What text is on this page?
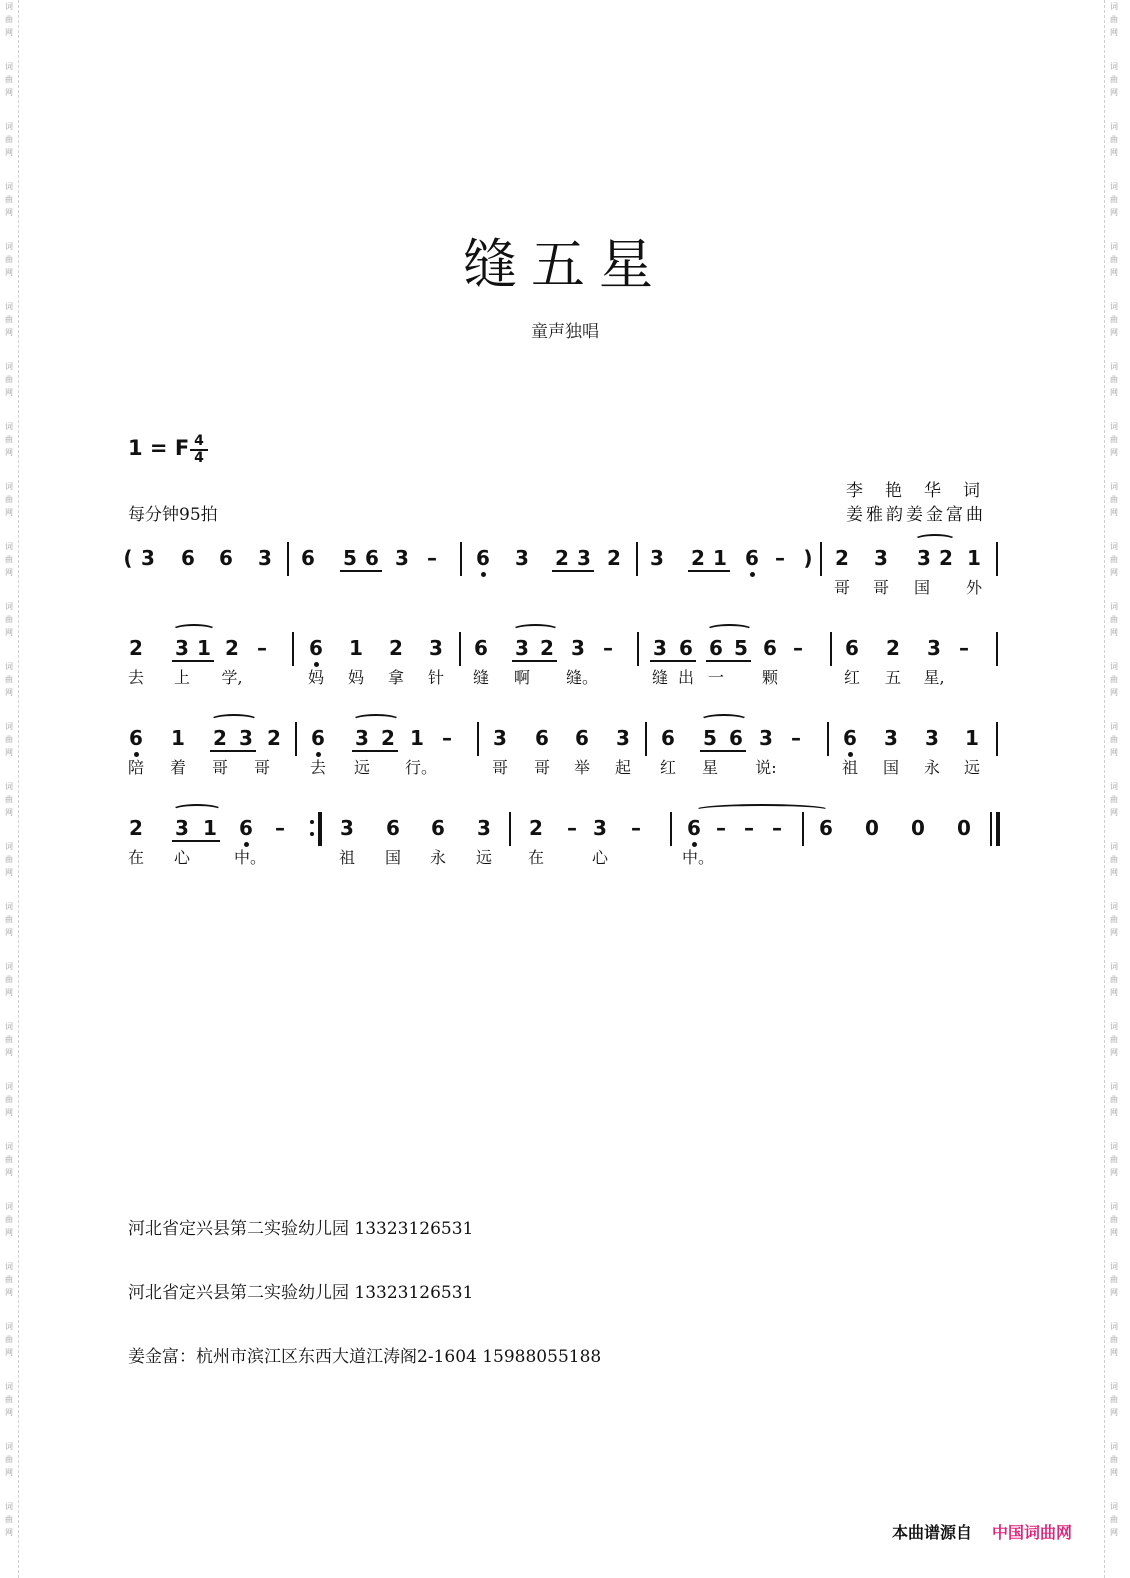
词
曲
网
词
曲
网
词
曲
网
词
曲
网
词
曲
网
词
曲
网
词
曲
网
词
曲
网
词
曲
网
词
曲
网
词
曲
网
词
曲
网
词
曲
网
词
曲
网
词
曲
网
词
曲
网
词
曲
网
词
曲
网
词
曲
网
词
曲
网
词
曲
网
词
曲
网
词
曲
网
词
曲
网
词
曲
网
词
曲
网
词
曲
网
词
曲
网
词
曲
网
词
曲
网
词
曲
网
词
曲
网
词
曲
网
词
曲
网
词
曲
网
词
曲
网
词
曲
网
词
曲
网
词
曲
网
词
曲
网
词
曲
网
词
曲
网
词
曲
网
词
曲
网
词
曲
网
词
曲
网
词
曲
网
词
曲
网
词
曲
网
词
曲
网
词
曲
网
词
曲
网
缝五星
童声独唱
1 = F 4
4
每分钟95拍
李艳华词
姜雅韵姜金富曲
( 3	6	6	3	6	5 6 3 –	6	3	2 3 2	3	2 1 6 – )	2	3	3 2 1
哥 哥 国 外
2	3 1 2 –	6	1	2	3	6	3 2 3 –	3 6 6 5 6 –	6	2	3 –
去 上 学,	妈 妈 拿 针 缝 啊 缝。	缝 出 一 颗	红 五 星,
6	1	2 3 2	6	3 2 1 –	3	6	6	3	6	5 6 3 –	6	3	3	1
陪 着 哥 哥 去 远 行。	哥 哥 举 起 红 星 说:	祖 国 永 远
2	3 1	6	–	3	6	6	3	2	– 3	–	6 – – –	6	0	0	0
在 心	中。	祖 国 永 远 在	心	中。
河北省定兴县第二实验幼儿园 13323126531
河北省定兴县第二实验幼儿园 13323126531
姜金富：杭州市滨江区东西大道江涛阁2-1604 15988055188
本曲谱源自 中国词曲网
